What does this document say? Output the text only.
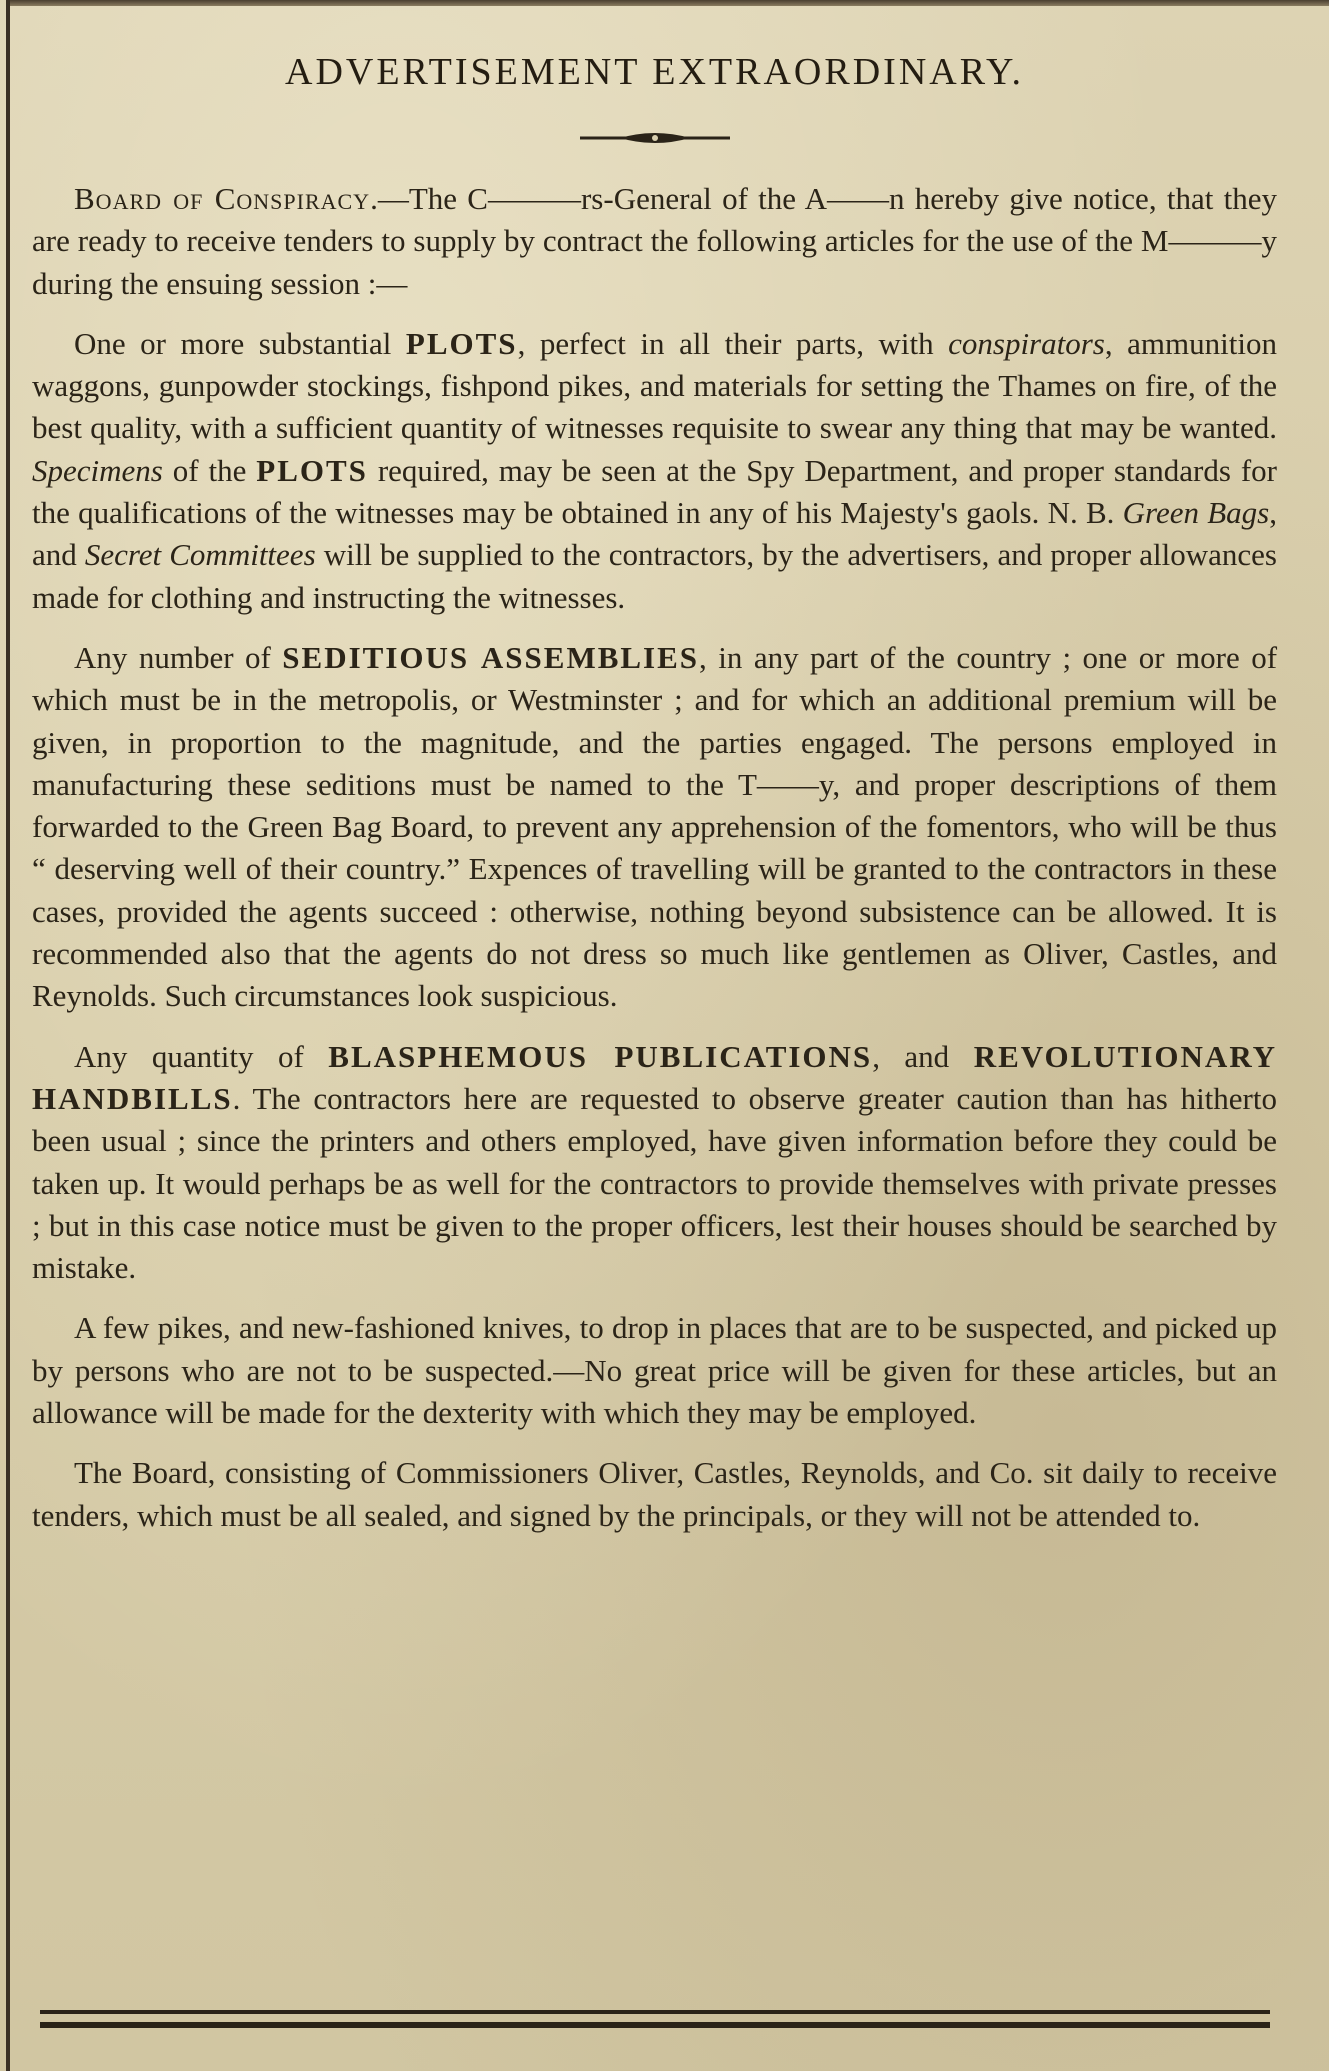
ADVERTISEMENT EXTRAORDINARY.

Board of Conspiracy.—The C———rs-General of the A——n hereby give notice, that they are ready to receive tenders to supply by contract the following articles for the use of the M———y during the ensuing session :—

One or more substantial PLOTS, perfect in all their parts, with conspirators, ammunition waggons, gunpowder stockings, fishpond pikes, and materials for setting the Thames on fire, of the best quality, with a sufficient quantity of witnesses requisite to swear any thing that may be wanted. Specimens of the PLOTS required, may be seen at the Spy Department, and proper standards for the qualifications of the witnesses may be obtained in any of his Majesty's gaols. N. B. Green Bags, and Secret Committees will be supplied to the contractors, by the advertisers, and proper allowances made for clothing and instructing the witnesses.

Any number of SEDITIOUS ASSEMBLIES, in any part of the country ; one or more of which must be in the metropolis, or Westminster ; and for which an additional premium will be given, in proportion to the magnitude, and the parties engaged. The persons employed in manufacturing these seditions must be named to the T——y, and proper descriptions of them forwarded to the Green Bag Board, to prevent any apprehension of the fomentors, who will be thus “ deserving well of their country.” Expences of travelling will be granted to the contractors in these cases, provided the agents succeed : otherwise, nothing beyond subsistence can be allowed. It is recommended also that the agents do not dress so much like gentlemen as Oliver, Castles, and Reynolds. Such circumstances look suspicious.

Any quantity of BLASPHEMOUS PUBLICATIONS, and REVOLUTIONARY HANDBILLS. The contractors here are requested to observe greater caution than has hitherto been usual ; since the printers and others employed, have given information before they could be taken up. It would perhaps be as well for the contractors to provide themselves with private presses ; but in this case notice must be given to the proper officers, lest their houses should be searched by mistake.

A few pikes, and new-fashioned knives, to drop in places that are to be suspected, and picked up by persons who are not to be suspected.—No great price will be given for these articles, but an allowance will be made for the dexterity with which they may be employed.

The Board, consisting of Commissioners Oliver, Castles, Reynolds, and Co. sit daily to receive tenders, which must be all sealed, and signed by the principals, or they will not be attended to.
